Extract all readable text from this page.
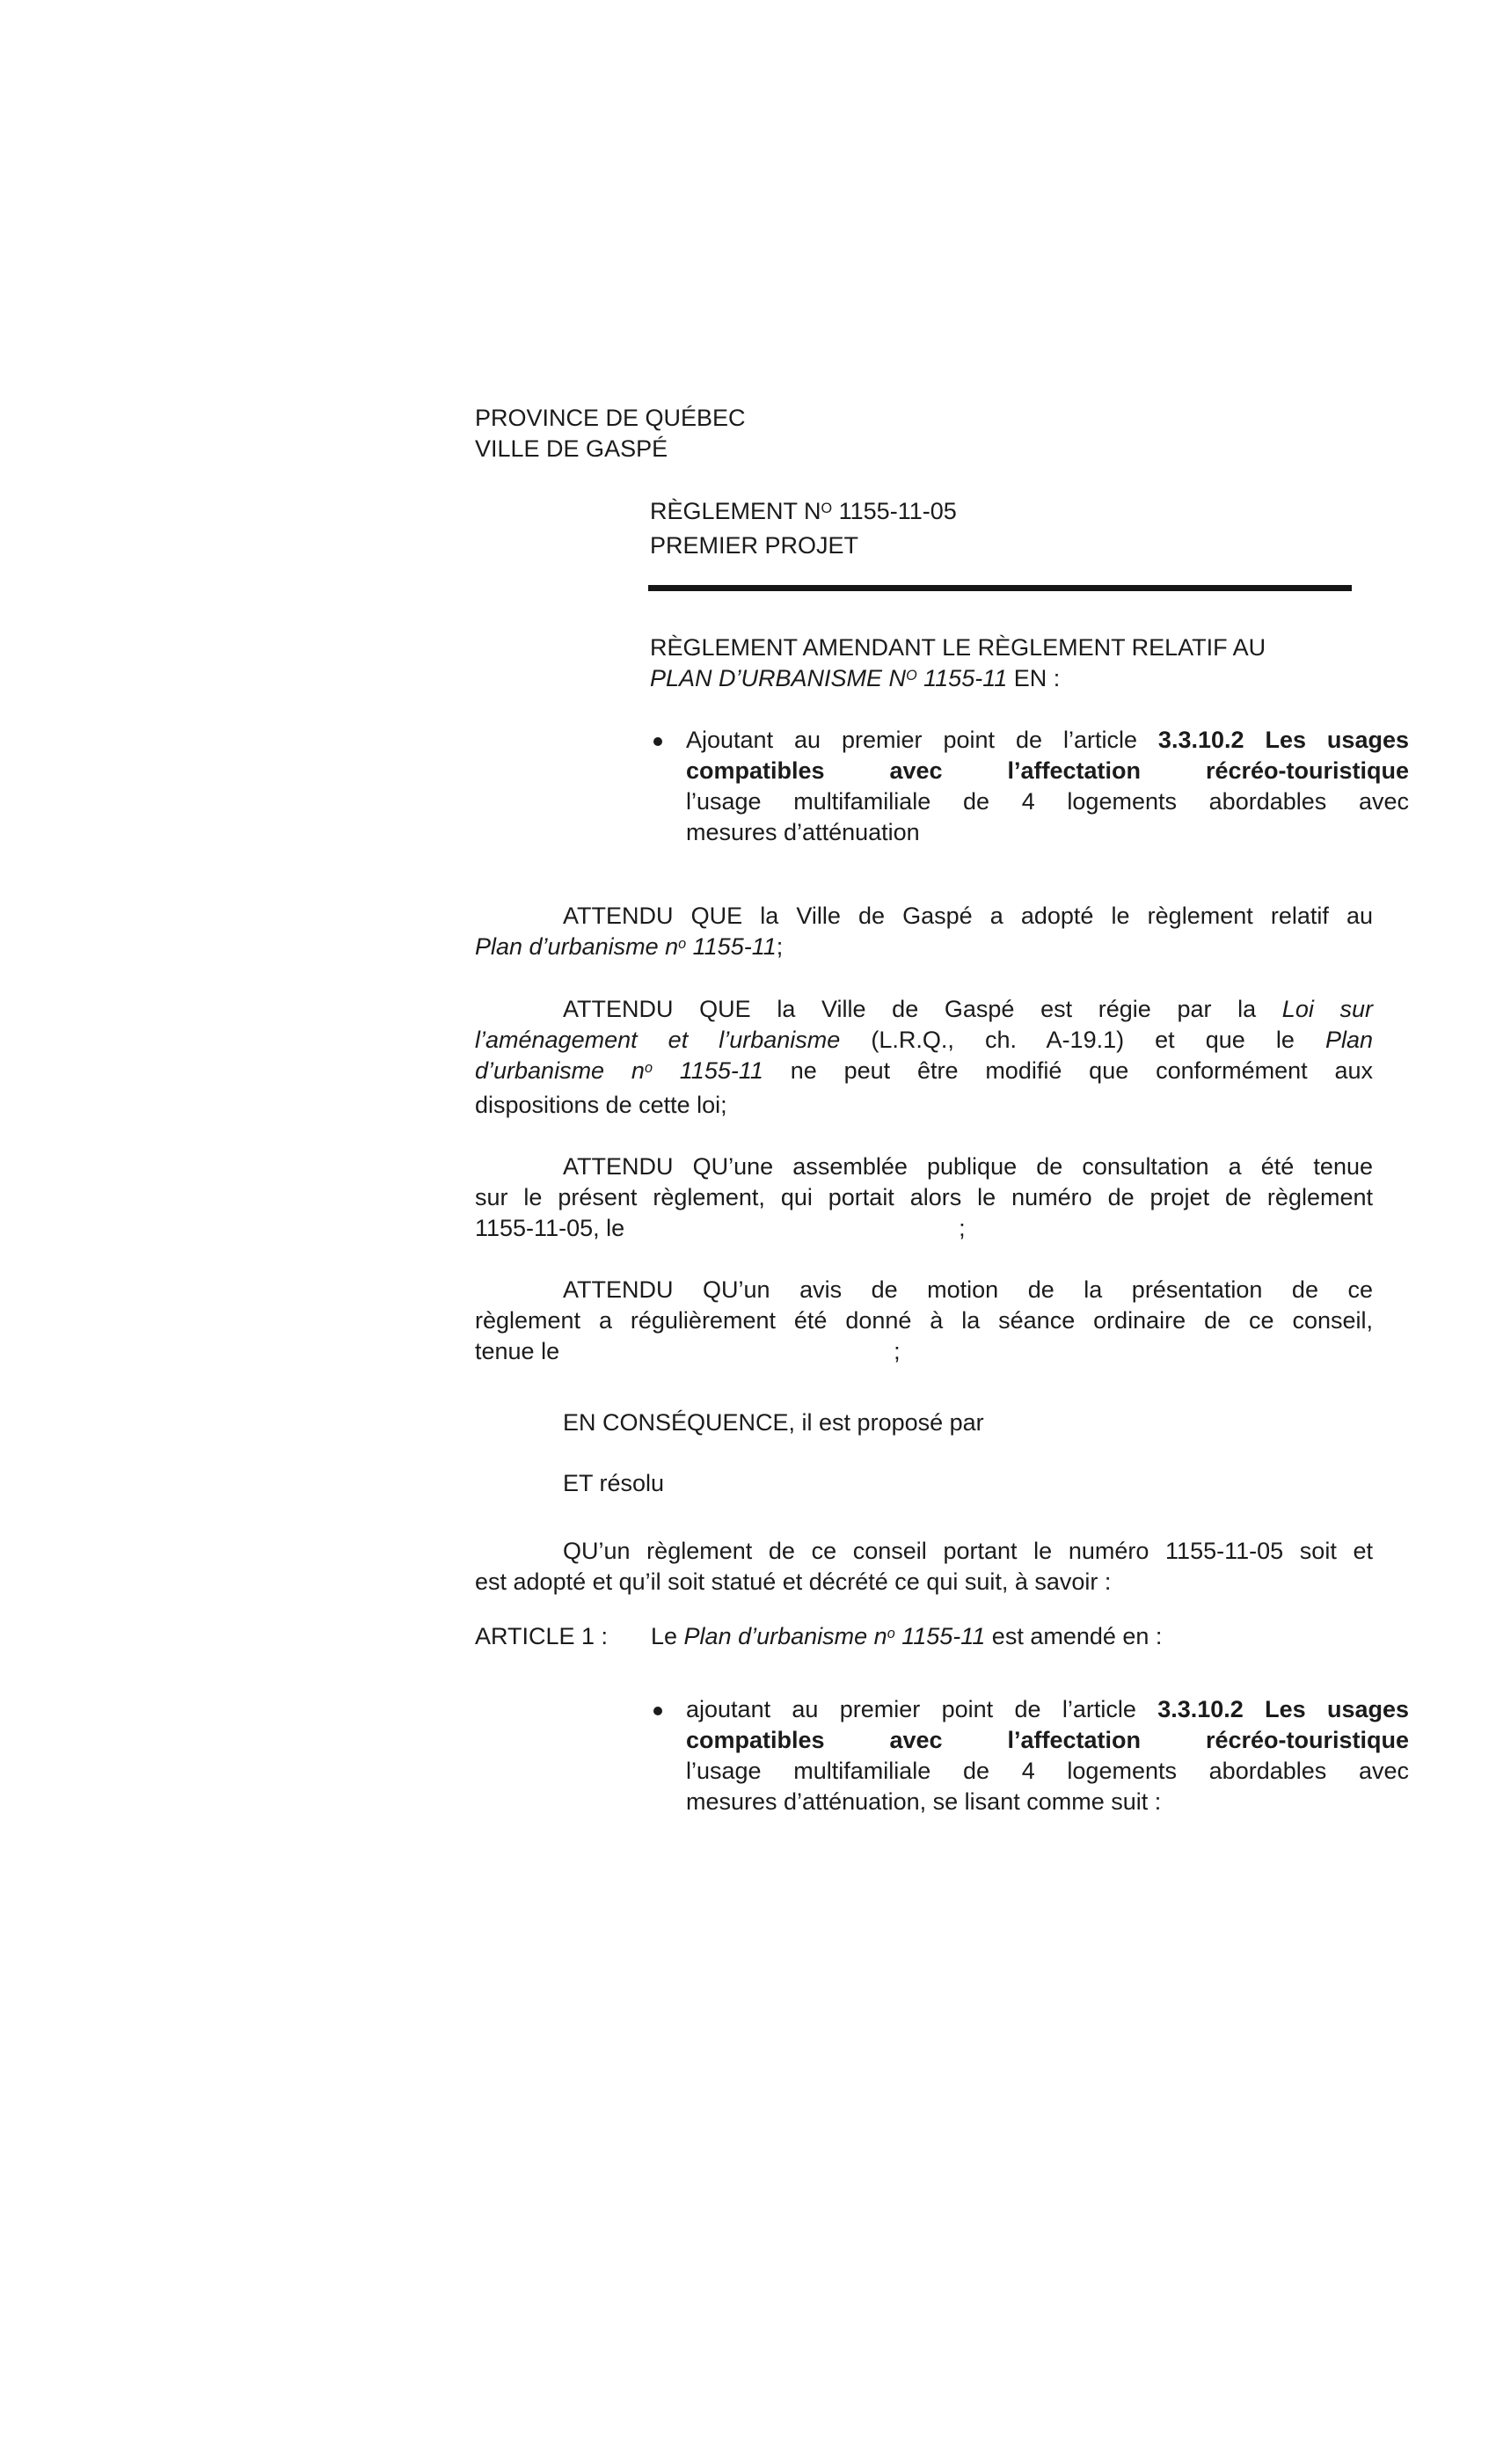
PROVINCE DE QUÉBEC
VILLE DE GASPÉ
RÈGLEMENT $N^O$ 1155-11-05
PREMIER PROJET
RÈGLEMENT AMENDANT LE RÈGLEMENT RELATIF AU
PLAN D’URBANISME $N^O$ 1155-11 EN :
Ajoutant au premier point de l’article 3.3.10.2 Les usages
compatibles avec l’affectation récréo-touristique
l’usage multifamiliale de 4 logements abordables avec
mesures d’atténuation
ATTENDU QUE la Ville de Gaspé a adopté le règlement relatif au
Plan d’urbanisme $n^o$ 1155-11;
ATTENDU QUE la Ville de Gaspé est régie par la Loi sur
l’aménagement et l’urbanisme (L.R.Q., ch. A-19.1) et que le Plan
d’urbanisme $n^o$ 1155-11 ne peut être modifié que conformément aux
dispositions de cette loi;
ATTENDU QU’une assemblée publique de consultation a été tenue
sur le présent règlement, qui portait alors le numéro de projet de règlement
1155-11-05, le	;
ATTENDU QU’un avis de motion de la présentation de ce
règlement a régulièrement été donné à la séance ordinaire de ce conseil,
tenue le	;
EN CONSÉQUENCE, il est proposé par
ET résolu
QU’un règlement de ce conseil portant le numéro 1155-11-05 soit et
est adopté et qu’il soit statué et décrété ce qui suit, à savoir :
ARTICLE 1 :	Le Plan d’urbanisme $n^o$ 1155-11 est amendé en :
ajoutant au premier point de l’article 3.3.10.2 Les usages
compatibles avec l’affectation récréo-touristique
l’usage multifamiliale de 4 logements abordables avec
mesures d’atténuation, se lisant comme suit :
